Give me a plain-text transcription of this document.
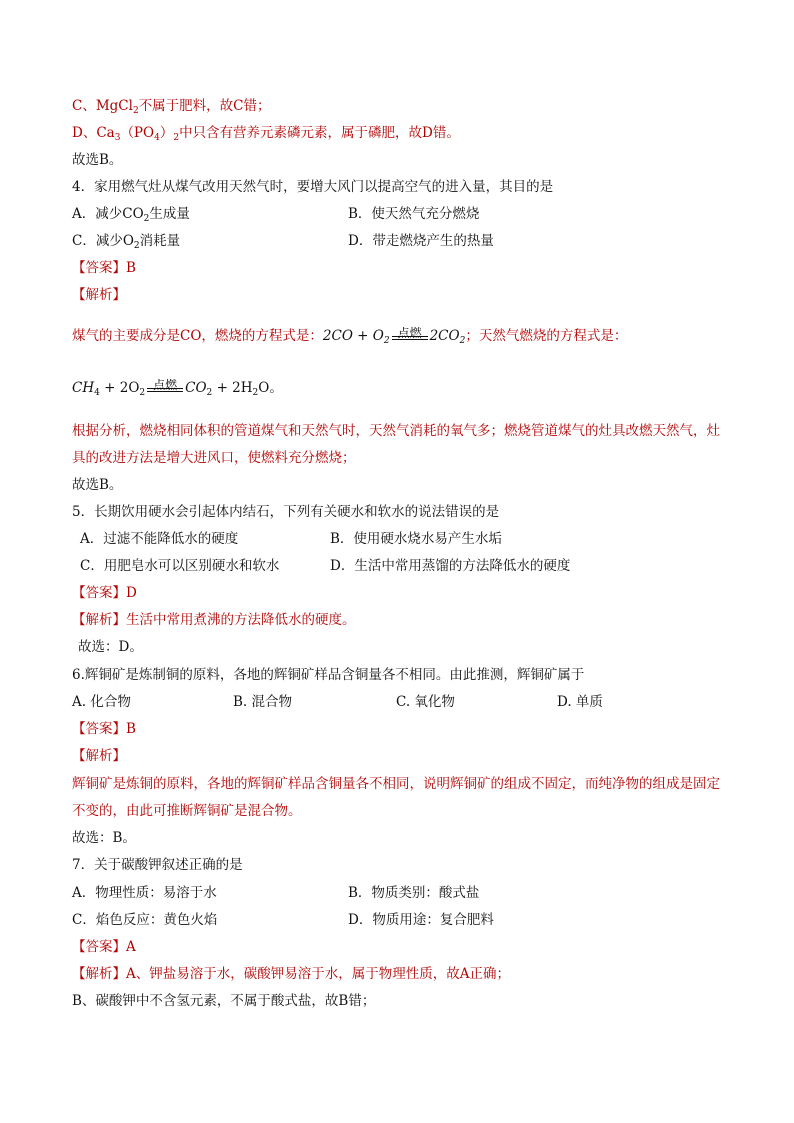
C、MgCl$_2$不属于肥料，故C错；
D、$Ca_3(PO_4)_2$中只含有营养元素磷元素，属于磷肥，故D错。
故选B。
4．家用燃气灶从煤气改用天然气时，要增大风门以提高空气的进入量，其目的是
A．减少$CO_2$生成量	B．使天然气充分燃烧
C．减少$O_2$消耗量	D．带走燃烧产生的热量
【答案】B
【解析】
煤气的主要成分是CO，燃烧的方程式是：$2CO + O_2$
点燃 $2CO_2$；天然气燃烧的方程式是：
$CH_4 + 2O_2$
点燃 $CO_2 + 2H_2O$。
根据分析，燃烧相同体积的管道煤气和天然气时，天然气消耗的氧气多；燃烧管道煤气的灶具改燃天然气，灶具的改进方法是增大进风口，使燃料充分燃烧；
故选B。
5．长期饮用硬水会引起体内结石，下列有关硬水和软水的说法错误的是
A．过滤不能降低水的硬度	B．使用硬水烧水易产生水垢
C．用肥皂水可以区别硬水和软水	D．生活中常用蒸馏的方法降低水的硬度
【答案】D
【解析】生活中常用煮沸的方法降低水的硬度。
故选：D。
6.辉铜矿是炼制铜的原料，各地的辉铜矿样品含铜量各不相同。由此推测，辉铜矿属于
A. 化合物	B. 混合物	C. 氧化物	D. 单质
【答案】B
【解析】
辉铜矿是炼铜的原料，各地的辉铜矿样品含铜量各不相同，说明辉铜矿的组成不固定，而纯净物的组成是固定不变的，由此可推断辉铜矿是混合物。
故选：B。
7．关于碳酸钾叙述正确的是
A．物理性质：易溶于水	B．物质类别：酸式盐
C．焰色反应：黄色火焰	D．物质用途：复合肥料
【答案】A
【解析】A、钾盐易溶于水，碳酸钾易溶于水，属于物理性质，故A正确；
B、碳酸钾中不含氢元素，不属于酸式盐，故B错；
